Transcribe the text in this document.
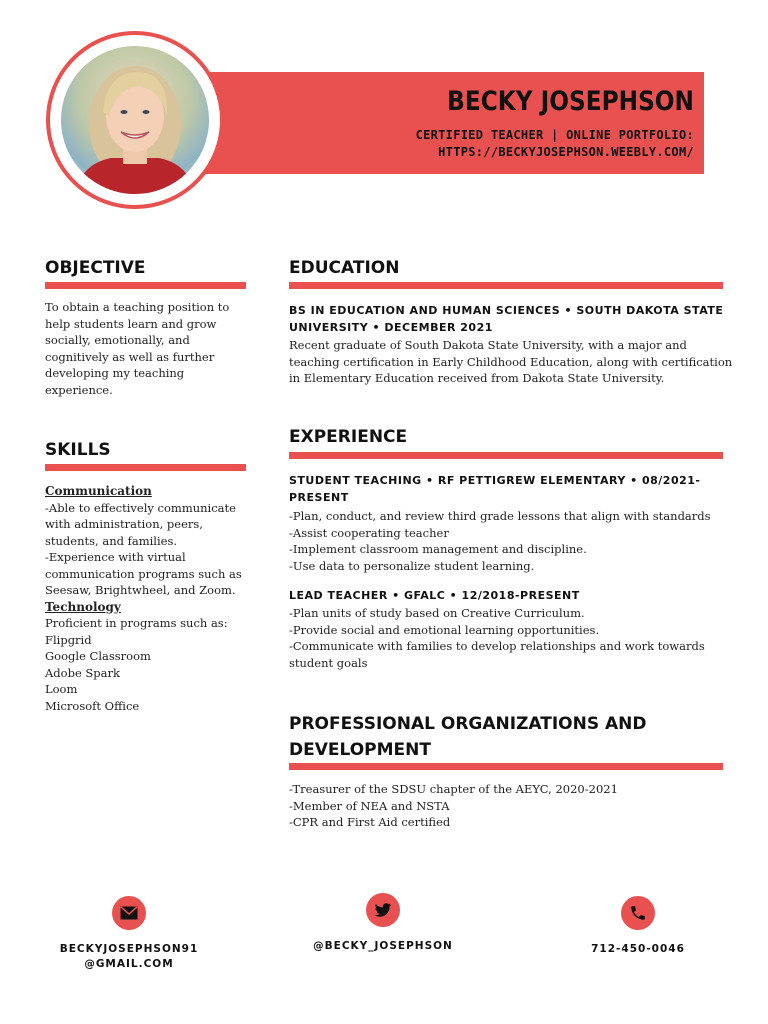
BECKY JOSEPHSON
CERTIFIED TEACHER | ONLINE PORTFOLIO:
HTTPS://BECKYJOSEPHSON.WEEBLY.COM/
OBJECTIVE
To obtain a teaching position to
help students learn and grow
socially, emotionally, and
cognitively as well as further
developing my teaching
experience.
SKILLS
Communication
-Able to effectively communicate
with administration, peers,
students, and families.
-Experience with virtual
communication programs such as
Seesaw, Brightwheel, and Zoom.
Technology
Proficient in programs such as:
Flipgrid
Google Classroom
Adobe Spark
Loom
Microsoft Office
EDUCATION
BS IN EDUCATION AND HUMAN SCIENCES • SOUTH DAKOTA STATE
UNIVERSITY • DECEMBER 2021
Recent graduate of South Dakota State University, with a major and
teaching certification in Early Childhood Education, along with certification
in Elementary Education received from Dakota State University.
EXPERIENCE
STUDENT TEACHING • RF PETTIGREW ELEMENTARY • 08/2021-
PRESENT
-Plan, conduct, and review third grade lessons that align with standards
-Assist cooperating teacher
-Implement classroom management and discipline.
-Use data to personalize student learning.
LEAD TEACHER • GFALC • 12/2018-PRESENT
-Plan units of study based on Creative Curriculum.
-Provide social and emotional learning opportunities.
-Communicate with families to develop relationships and work towards
student goals
PROFESSIONAL ORGANIZATIONS AND
DEVELOPMENT
-Treasurer of the SDSU chapter of the AEYC, 2020-2021
-Member of NEA and NSTA
-CPR and First Aid certified
BECKYJOSEPHSON91
@GMAIL.COM
@BECKY_JOSEPHSON	712-450-0046
